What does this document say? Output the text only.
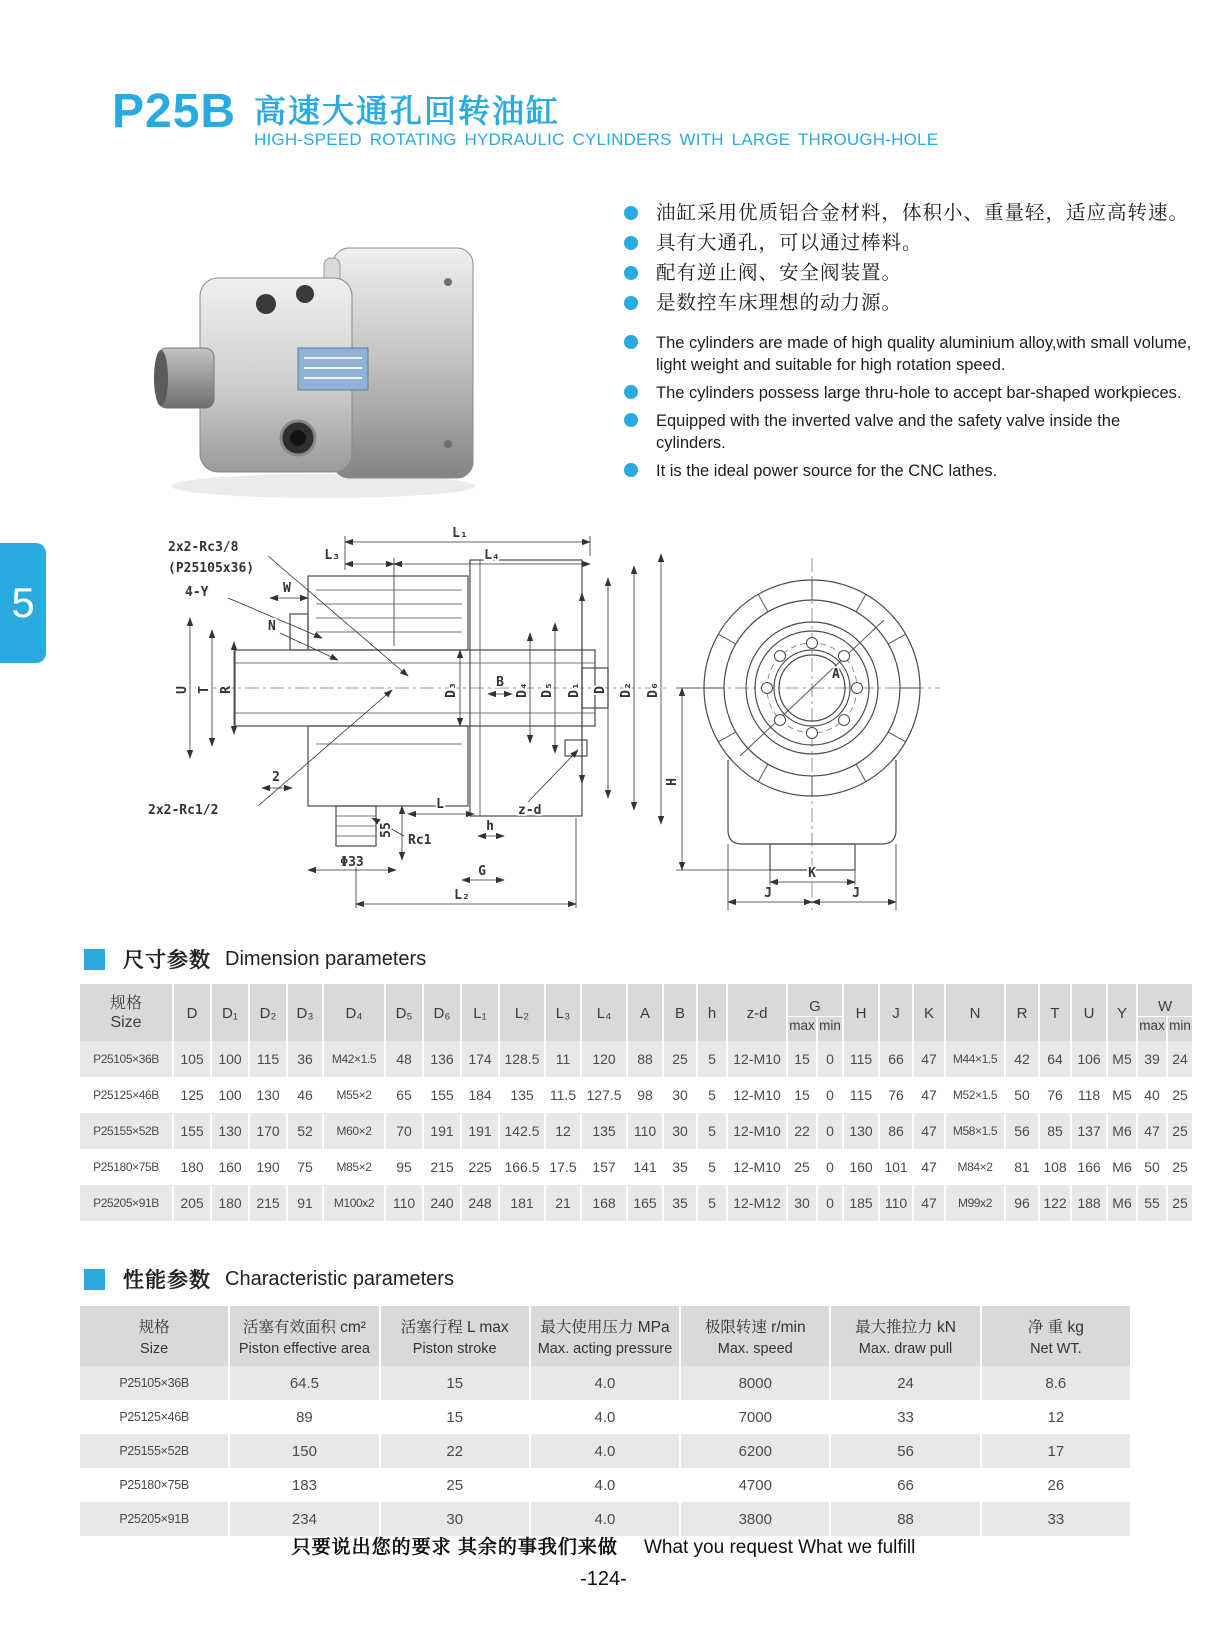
P25B 高速大通孔回转油缸
HIGH-SPEED ROTATING HYDRAULIC CYLINDERS WITH LARGE THROUGH-HOLE
5
油缸采用优质铝合金材料，体积小、重量轻，适应高转速。
具有大通孔，可以通过棒料。
配有逆止阀、安全阀装置。
是数控车床理想的动力源。
The cylinders are made of high quality aluminium alloy,with small volume, light weight and suitable for high rotation speed.
The cylinders possess large thru-hole to accept bar-shaped workpieces.
Equipped with the inverted valve and the safety valve inside the cylinders.
It is the ideal power source for the CNC lathes.
2x2-Rc3/8
(P25105x36)
4-Y	W
L₁
L₃	L₄
N
U T R	D₃	B D₄ D₅ D₁ D D₂ D₆
2
2x2-Rc1/2
55
Rc1
Φ33
L	z-d
h
G
L₂
A
H
K
J	J
尺寸参数 Dimension parameters
规格
Size	D	D₁	D₂	D₃	D₄	D₅	D₆	L₁	L₂	L₃	L₄	A	B	h	z-d	G		H	J	K	N	R	T	U	Y	W	
																max	min									max	min
P25105×36B	105	100	115	36	M42×1.5	48	136	174	128.5	11	120	88	25	5	12-M10	15	0	115	66	47	M44×1.5	42	64	106	M5	39	24
P25125×46B	125	100	130	46	M55×2	65	155	184	135	11.5	127.5	98	30	5	12-M10	15	0	115	76	47	M52×1.5	50	76	118	M5	40	25
P25155×52B	155	130	170	52	M60×2	70	191	191	142.5	12	135	110	30	5	12-M10	22	0	130	86	47	M58×1.5	56	85	137	M6	47	25
P25180×75B	180	160	190	75	M85×2	95	215	225	166.5	17.5	157	141	35	5	12-M10	25	0	160	101	47	M84×2	81	108	166	M6	50	25
P25205×91B	205	180	215	91	M100x2	110	240	248	181	21	168	165	35	5	12-M12	30	0	185	110	47	M99x2	96	122	188	M6	55	25
性能参数 Characteristic parameters
规格
Size

活塞有效面积 cm²
Piston effective area

活塞行程 L max
Piston stroke

最大使用压力 MPa
Max. acting pressure

极限转速 r/min
Max. speed

最大推拉力 kN
Max. draw pull

净 重 kg
Net WT.

P25105×36B	64.5	15	4.0	8000	24	8.6
P25125×46B	89	15	4.0	7000	33	12
P25155×52B	150	22	4.0	6200	56	17
P25180×75B	183	25	4.0	4700	66	26
P25205×91B	234	30	4.0	3800	88	33
只要说出您的要求 其余的事我们来做 What you request What we fulfill
-124-
